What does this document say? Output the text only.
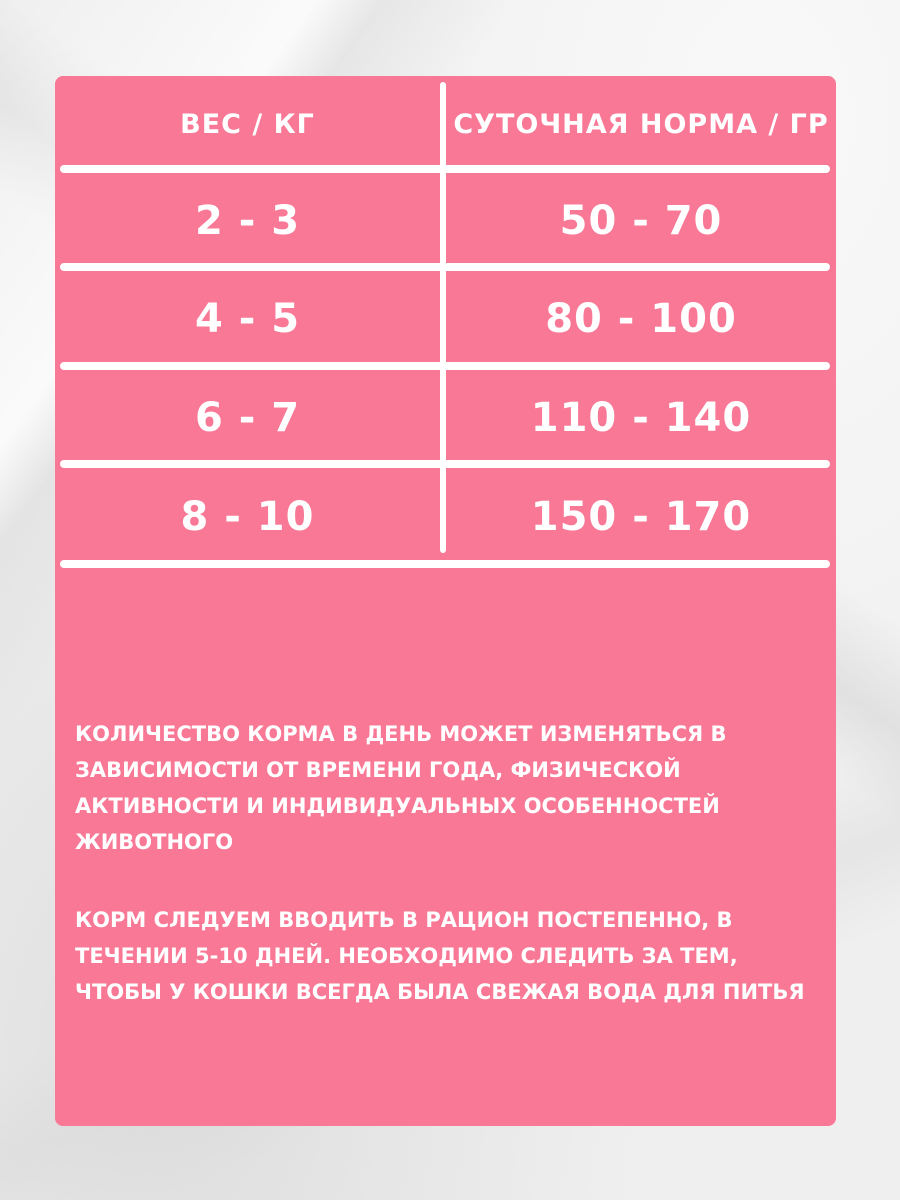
ВЕС / КГ	СУТОЧНАЯ НОРМА / ГР
2 - 3	50 - 70
4 - 5	80 - 100
6 - 7	110 - 140
8 - 10	150 - 170
КОЛИЧЕСТВО КОРМА В ДЕНЬ МОЖЕТ ИЗМЕНЯТЬСЯ В ЗАВИСИМОСТИ ОТ ВРЕМЕНИ ГОДА, ФИЗИЧЕСКОЙ АКТИВНОСТИ И ИНДИВИДУАЛЬНЫХ ОСОБЕННОСТЕЙ ЖИВОТНОГО
КОРМ СЛЕДУЕМ ВВОДИТЬ В РАЦИОН ПОСТЕПЕННО, В ТЕЧЕНИИ 5-10 ДНЕЙ. НЕОБХОДИМО СЛЕДИТЬ ЗА ТЕМ, ЧТОБЫ У КОШКИ ВСЕГДА БЫЛА СВЕЖАЯ ВОДА ДЛЯ ПИТЬЯ
